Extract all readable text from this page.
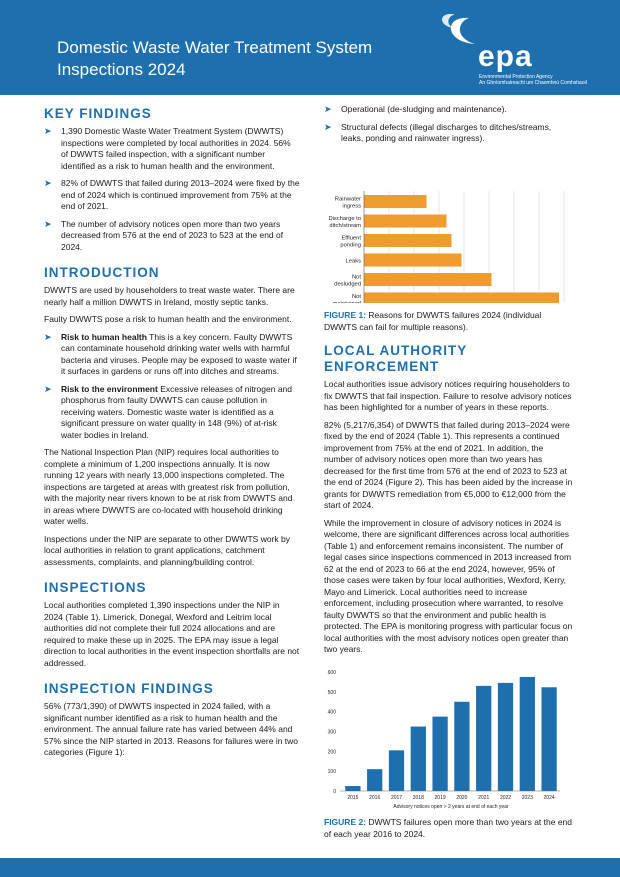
Domestic Waste Water Treatment System
Inspections 2024	epa
Environmental Protection Agency
An Ghníomhaireacht um Chaomhnú Comhshaoil
KEY FINDINGS
➤ 1,390 Domestic Waste Water Treatment System (DWWTS) inspections were completed by local authorities in 2024. 56% of DWWTS failed inspection, with a significant number identified as a risk to human health and the environment.
➤ 82% of DWWTS that failed during 2013–2024 were fixed by the end of 2024 which is continued improvement from 75% at the end of 2021.
➤ The number of advisory notices open more than two years decreased from 576 at the end of 2023 to 523 at the end of 2024.
INTRODUCTION

DWWTS are used by householders to treat waste water. There are nearly half a million DWWTS in Ireland, mostly septic tanks.

Faulty DWWTS pose a risk to human health and the environment.

➤ Risk to human health This is a key concern. Faulty DWWTS can contaminate household drinking water wells with harmful bacteria and viruses. People may be exposed to waste water if it surfaces in gardens or runs off into ditches and streams.
➤ Risk to the environment Excessive releases of nitrogen and phosphorus from faulty DWWTS can cause pollution in receiving waters. Domestic waste water is identified as a significant pressure on water quality in 148 (9%) of at-risk water bodies in Ireland.

The National Inspection Plan (NIP) requires local authorities to complete a minimum of 1,200 inspections annually. It is now running 12 years with nearly 13,000 inspections completed. The inspections are targeted at areas with greatest risk from pollution, with the majority near rivers known to be at risk from DWWTS and in areas where DWWTS are co-located with household drinking water wells.

Inspections under the NIP are separate to other DWWTS work by local authorities in relation to grant applications, catchment assessments, complaints, and planning/building control.

INSPECTIONS

Local authorities completed 1,390 inspections under the NIP in 2024 (Table 1). Limerick, Donegal, Wexford and Leitrim local authorities did not complete their full 2024 allocations and are required to make these up in 2025. The EPA may issue a legal direction to local authorities in the event inspection shortfalls are not addressed.

INSPECTION FINDINGS

56% (773/1,390) of DWWTS inspected in 2024 failed, with a significant number identified as a risk to human health and the environment. The annual failure rate has varied between 44% and 57% since the NIP started in 2013. Reasons for failures were in two categories (Figure 1):

➤ Operational (de-sludging and maintenance).
➤ Structural defects (illegal discharges to ditches/streams, leaks, ponding and rainwater ingress).
Rainwater ingress
Discharge to ditch/stream
Effluent ponding
Leaks
Not desludged
Not

FIGURE 1: Reasons for DWWTS failures 2024 (individual DWWTS can fail for multiple reasons).

LOCAL AUTHORITY ENFORCEMENT

Local authorities issue advisory notices requiring householders to fix DWWTS that fail inspection. Failure to resolve advisory notices has been highlighted for a number of years in these reports.

82% (5,217/6,354) of DWWTS that failed during 2013–2024 were fixed by the end of 2024 (Table 1). This represents a continued improvement from 75% at the end of 2021. In addition, the number of advisory notices open more than two years has decreased for the first time from 576 at the end of 2023 to 523 at the end of 2024 (Figure 2). This has been aided by the increase in grants for DWWTS remediation from €5,000 to €12,000 from the start of 2024.

While the improvement in closure of advisory notices in 2024 is welcome, there are significant differences across local authorities (Table 1) and enforcement remains inconsistent. The number of legal cases since inspections commenced in 2013 increased from 62 at the end of 2023 to 66 at the end 2024, however, 95% of those cases were taken by four local authorities, Wexford, Kerry, Mayo and Limerick. Local authorities need to increase enforcement, including prosecution where warranted, to resolve faulty DWWTS so that the environment and public health is protected. The EPA is monitoring progress with particular focus on local authorities with the most advisory notices open greater than two years.

0
100
200
300
400
500
600
2015 2016 2017 2018 2019 2020 2021 2022 2023 2024
Advisory notices open > 2 years at end of each year

FIGURE 2: DWWTS failures open more than two years at the end of each year 2016 to 2024.
